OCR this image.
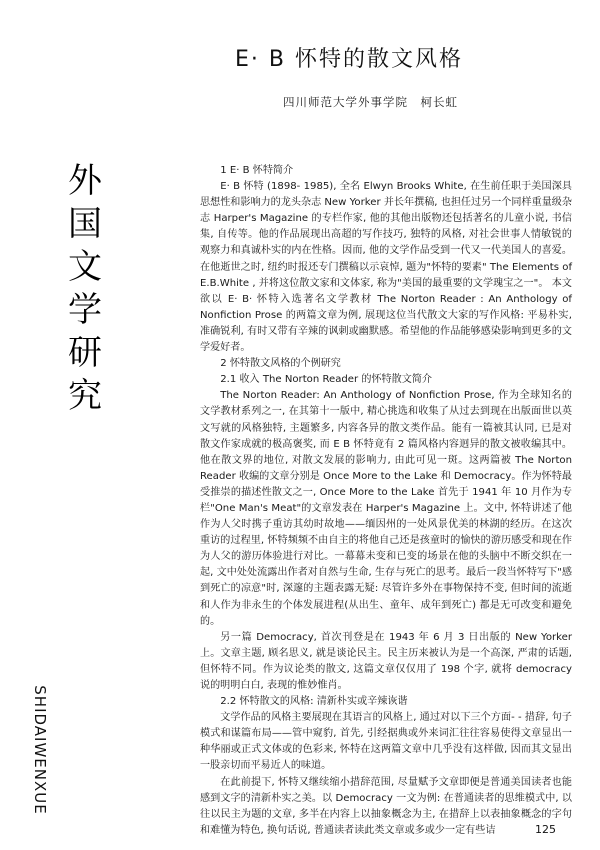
E· B 怀特的散文风格
四川师范大学外事学院　柯长虹
外
国
文
学
研
究
SHIDAIWENXUE

1 E· B 怀特简介

E· B 怀特 (1898- 1985), 全名 Elwyn Brooks White, 在生前任职于美国深具思想性和影响力的龙头杂志 New Yorker 并长年撰稿, 也担任过另一个同样重量级杂志 Harper's Magazine 的专栏作家, 他的其他出版物还包括著名的儿童小说, 书信集, 自传等。他的作品展现出高超的写作技巧, 独特的风格, 对社会世事人情敏锐的观察力和真诚朴实的内在性格。因而, 他的文学作品受到一代又一代美国人的喜爱。在他逝世之时, 纽约时报还专门撰稿以示哀悼, 题为"怀特的要素" The Elements of E.B.White , 并将这位散文家和文体家, 称为"美国的最重要的文学瑰宝之一"。 本文欲以 E· B· 怀特入选著名文学教材 The Norton Reader : An Anthology of Nonfiction Prose 的两篇文章为例, 展现这位当代散文大家的写作风格: 平易朴实, 准确锐利, 有时又带有辛辣的讽刺或幽默感。希望他的作品能够感染影响到更多的文学爱好者。

2 怀特散文风格的个例研究

2.1 收入 The Norton Reader 的怀特散文简介

The Norton Reader: An Anthology of Nonfiction Prose, 作为全球知名的文学教材系列之一, 在其第十一版中, 精心挑选和收集了从过去到现在出版面世以英文写就的风格独特, 主题繁多, 内容各异的散文类作品。能有一篇被其认同, 已是对散文作家成就的极高褒奖, 而 E B 怀特竟有 2 篇风格内容迥异的散文被收编其中。他在散文界的地位, 对散文发展的影响力, 由此可见一斑。这两篇被 The Norton Reader 收编的文章分别是 Once More to the Lake 和 Democracy。作为怀特最受推崇的描述性散文之一, Once More to the Lake 首先于 1941 年 10 月作为专栏"One Man's Meat"的文章发表在 Harper's Magazine 上。文中, 怀特讲述了他作为人父时携子重访其幼时故地——缅因州的一处风景优美的林湖的经历。在这次重访的过程里, 怀特频频不由自主的将他自己还是孩童时的愉快的游历感受和现在作为人父的游历体验进行对比。一幕幕未变和已变的场景在他的头脑中不断交织在一起, 文中处处流露出作者对自然与生命, 生存与死亡的思考。最后一段当怀特写下"感到死亡的凉意"时, 深邃的主题表露无疑: 尽管许多外在事物保持不变, 但时间的流逝和人作为非永生的个体发展进程(从出生、童年、成年到死亡) 都是无可改变和避免的。

另一篇 Democracy, 首次刊登是在 1943 年 6 月 3 日出版的 New Yorker 上。文章主题, 顾名思义, 就是谈论民主。民主历来被认为是一个高深, 严肃的话题, 但怀特不同。作为议论类的散文, 这篇文章仅仅用了 198 个字, 就将 democracy 说的明明白白, 表现的惟妙惟肖。

2.2 怀特散文的风格: 清新朴实或辛辣诙谐

文学作品的风格主要展现在其语言的风格上, 通过对以下三个方面- - 措辞, 句子模式和谋篇布局——管中窥豹, 首先, 引经据典或外来词汇往往容易使得文章显出一种华丽或正式文体或的色彩来, 怀特在这两篇文章中几乎没有这样做, 因而其文显出一股亲切而平易近人的味道。

在此前提下, 怀特又继续缩小措辞范围, 尽量赋予文章即便是普通美国读者也能感到文字的清新朴实之美。以 Democracy 一文为例: 在普通读者的思维模式中, 以往以民主为题的文章, 多半在内容上以抽象概念为主, 在措辞上以表抽象概念的字句和难懂为特色, 换句话说, 普通读者读此类文章或多或少一定有些诘	125
